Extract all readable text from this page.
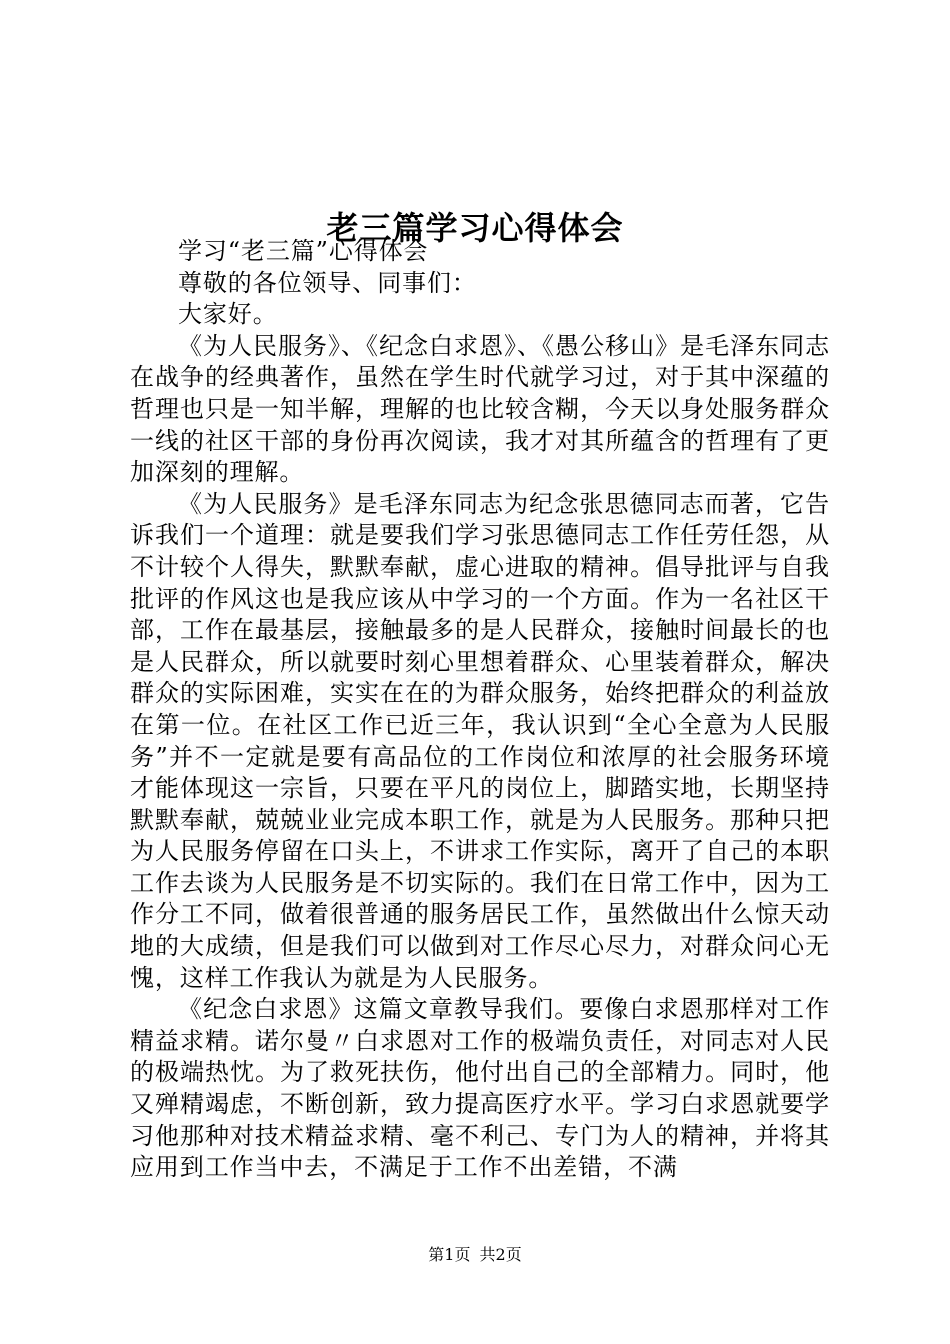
老三篇学习心得体会

学习“老三篇”心得体会

尊敬的各位领导、同事们：

大家好。

《为人民服务》、《纪念白求恩》、《愚公移山》是毛泽东同志在战争的经典著作，虽然在学生时代就学习过，对于其中深蕴的哲理也只是一知半解，理解的也比较含糊，今天以身处服务群众一线的社区干部的身份再次阅读，我才对其所蕴含的哲理有了更加深刻的理解。

《为人民服务》是毛泽东同志为纪念张思德同志而著，它告诉我们一个道理：就是要我们学习张思德同志工作任劳任怨，从不计较个人得失，默默奉献，虚心进取的精神。倡导批评与自我批评的作风这也是我应该从中学习的一个方面。作为一名社区干部，工作在最基层，接触最多的是人民群众，接触时间最长的也是人民群众，所以就要时刻心里想着群众、心里装着群众，解决群众的实际困难，实实在在的为群众服务，始终把群众的利益放在第一位。在社区工作已近三年，我认识到“全心全意为人民服务”并不一定就是要有高品位的工作岗位和浓厚的社会服务环境才能体现这一宗旨，只要在平凡的岗位上，脚踏实地，长期坚持默默奉献，兢兢业业完成本职工作，就是为人民服务。那种只把为人民服务停留在口头上，不讲求工作实际，离开了自己的本职工作去谈为人民服务是不切实际的。我们在日常工作中，因为工作分工不同，做着很普通的服务居民工作，虽然做出什么惊天动地的大成绩，但是我们可以做到对工作尽心尽力，对群众问心无愧，这样工作我认为就是为人民服务。

《纪念白求恩》这篇文章教导我们。要像白求恩那样对工作精益求精。诺尔曼〃白求恩对工作的极端负责任，对同志对人民的极端热忱。为了救死扶伤，他付出自己的全部精力。同时，他又殚精竭虑，不断创新，致力提高医疗水平。学习白求恩就要学习他那种对技术精益求精、毫不利己、专门为人的精神，并将其应用到工作当中去，不满足于工作不出差错，不满

第1页 共2页
